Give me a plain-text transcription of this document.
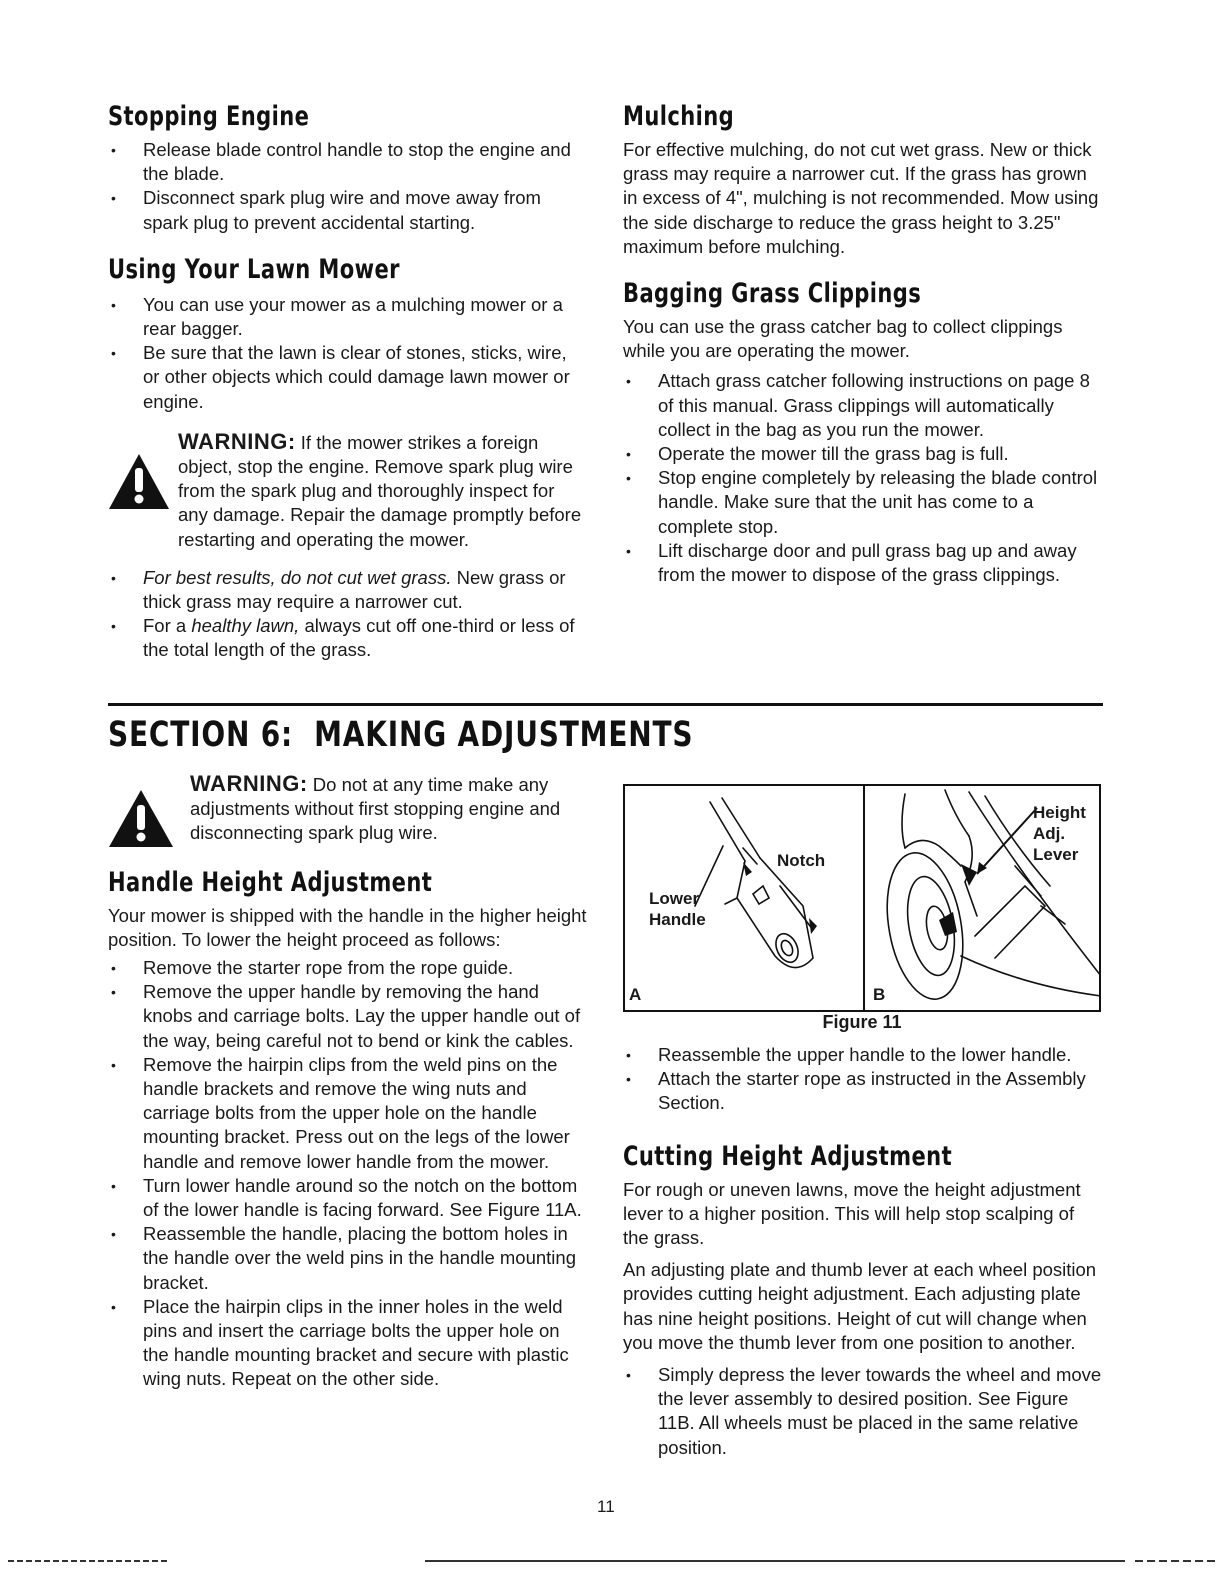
Stopping Engine
• Release blade control handle to stop the engine and the blade.
• Disconnect spark plug wire and move away from spark plug to prevent accidental starting.
Using Your Lawn Mower
• You can use your mower as a mulching mower or a rear bagger.
• Be sure that the lawn is clear of stones, sticks, wire, or other objects which could damage lawn mower or engine.

WARNING: If the mower strikes a foreign object, stop the engine. Remove spark plug wire from the spark plug and thoroughly inspect for any damage. Repair the damage promptly before restarting and operating the mower.

• For best results, do not cut wet grass. New grass or thick grass may require a narrower cut.
• For a healthy lawn, always cut off one-third or less of the total length of the grass.
Mulching

For effective mulching, do not cut wet grass. New or thick grass may require a narrower cut. If the grass has grown in excess of 4", mulching is not recommended. Mow using the side discharge to reduce the grass height to 3.25" maximum before mulching.

Bagging Grass Clippings

You can use the grass catcher bag to collect clippings while you are operating the mower.

• Attach grass catcher following instructions on page 8 of this manual. Grass clippings will automatically collect in the bag as you run the mower.
• Operate the mower till the grass bag is full.
• Stop engine completely by releasing the blade control handle. Make sure that the unit has come to a complete stop.
• Lift discharge door and pull grass bag up and away from the mower to dispose of the grass clippings.
SECTION 6:  MAKING ADJUSTMENTS

WARNING: Do not at any time make any adjustments without first stopping engine and disconnecting spark plug wire.

Handle Height Adjustment

Your mower is shipped with the handle in the higher height position. To lower the height proceed as follows:

• Remove the starter rope from the rope guide.
• Remove the upper handle by removing the hand knobs and carriage bolts. Lay the upper handle out of the way, being careful not to bend or kink the cables.
• Remove the hairpin clips from the weld pins on the handle brackets and remove the wing nuts and carriage bolts from the upper hole on the handle mounting bracket. Press out on the legs of the lower handle and remove lower handle from the mower.
• Turn lower handle around so the notch on the bottom of the lower handle is facing forward. See Figure 11A.
• Reassemble the handle, placing the bottom holes in the handle over the weld pins in the handle mounting bracket.
• Place the hairpin clips in the inner holes in the weld pins and insert the carriage bolts the upper hole on the handle mounting bracket and secure with plastic wing nuts. Repeat on the other side.
Notch
Lower
Handle
A	B
Height
Adj.
Lever
Figure 11
• Reassemble the upper handle to the lower handle.
• Attach the starter rope as instructed in the Assembly Section.
Cutting Height Adjustment

For rough or uneven lawns, move the height adjustment lever to a higher position. This will help stop scalping of the grass.

An adjusting plate and thumb lever at each wheel position provides cutting height adjustment. Each adjusting plate has nine height positions. Height of cut will change when you move the thumb lever from one position to another.

• Simply depress the lever towards the wheel and move the lever assembly to desired position. See Figure 11B. All wheels must be placed in the same relative position.
11
